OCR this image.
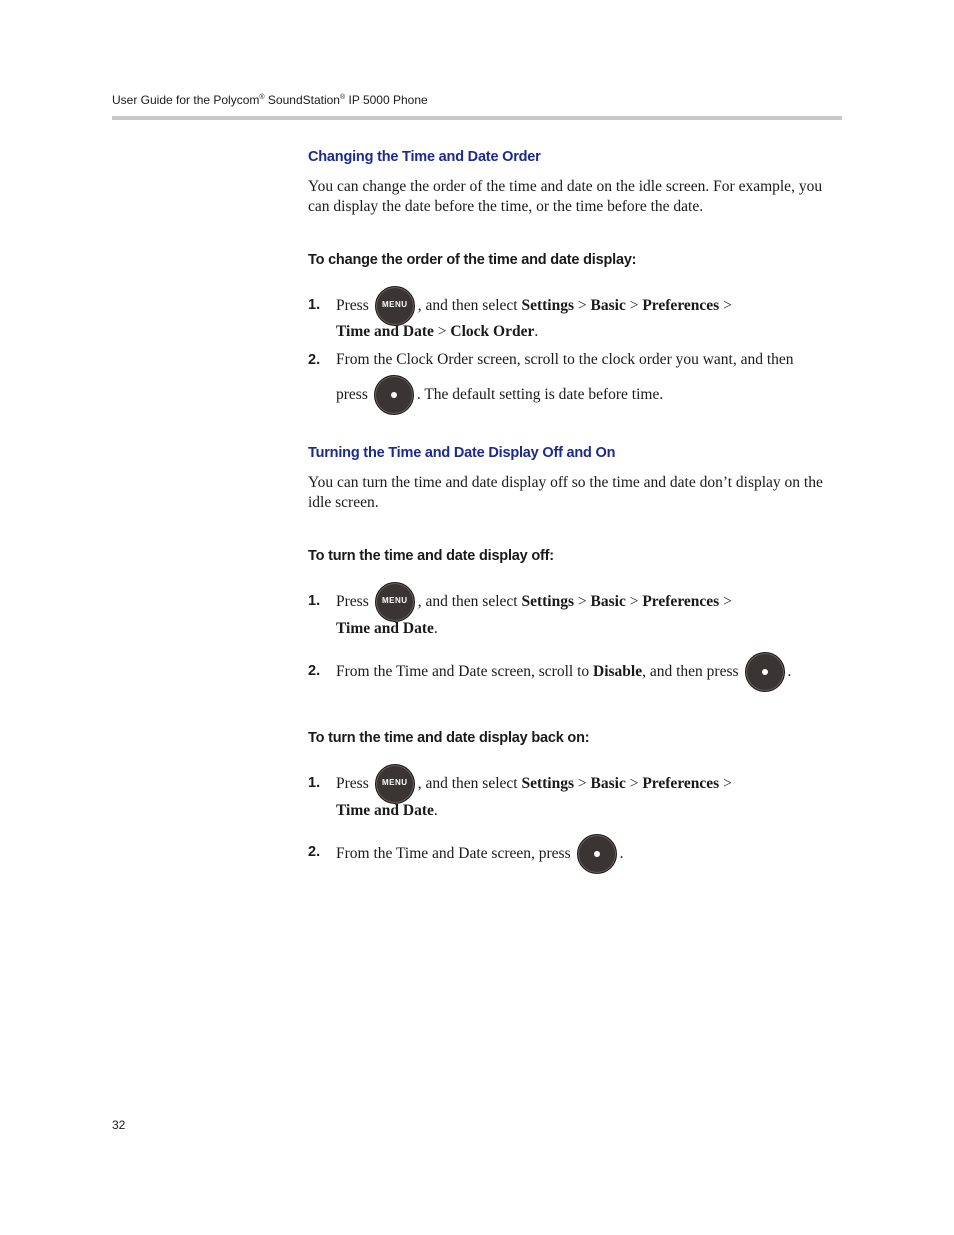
User Guide for the Polycom® SoundStation® IP 5000 Phone
Changing the Time and Date Order
You can change the order of the time and date on the idle screen. For example, you can display the date before the time, or the time before the date.
To change the order of the time and date display:
1. Press	MENU , and then select
Settings
>
Basic
>
Preferences
>
Time and Date
>
Clock Order .
2. From the Clock Order screen, scroll to the clock order you want, and then
press	. The default setting is date before time.
Turning the Time and Date Display Off and On
You can turn the time and date display off so the time and date don’t display on the idle screen.
To turn the time and date display off:
1. Press	MENU , and then select
Settings
>
Basic
>
Preferences
>
Time and Date .
2. From the Time and Date screen, scroll to
Disable , and then press	.
To turn the time and date display back on:
1. Press	MENU , and then select
Settings
>
Basic
>
Preferences
>
Time and Date .
2. From the Time and Date screen, press	.
32
